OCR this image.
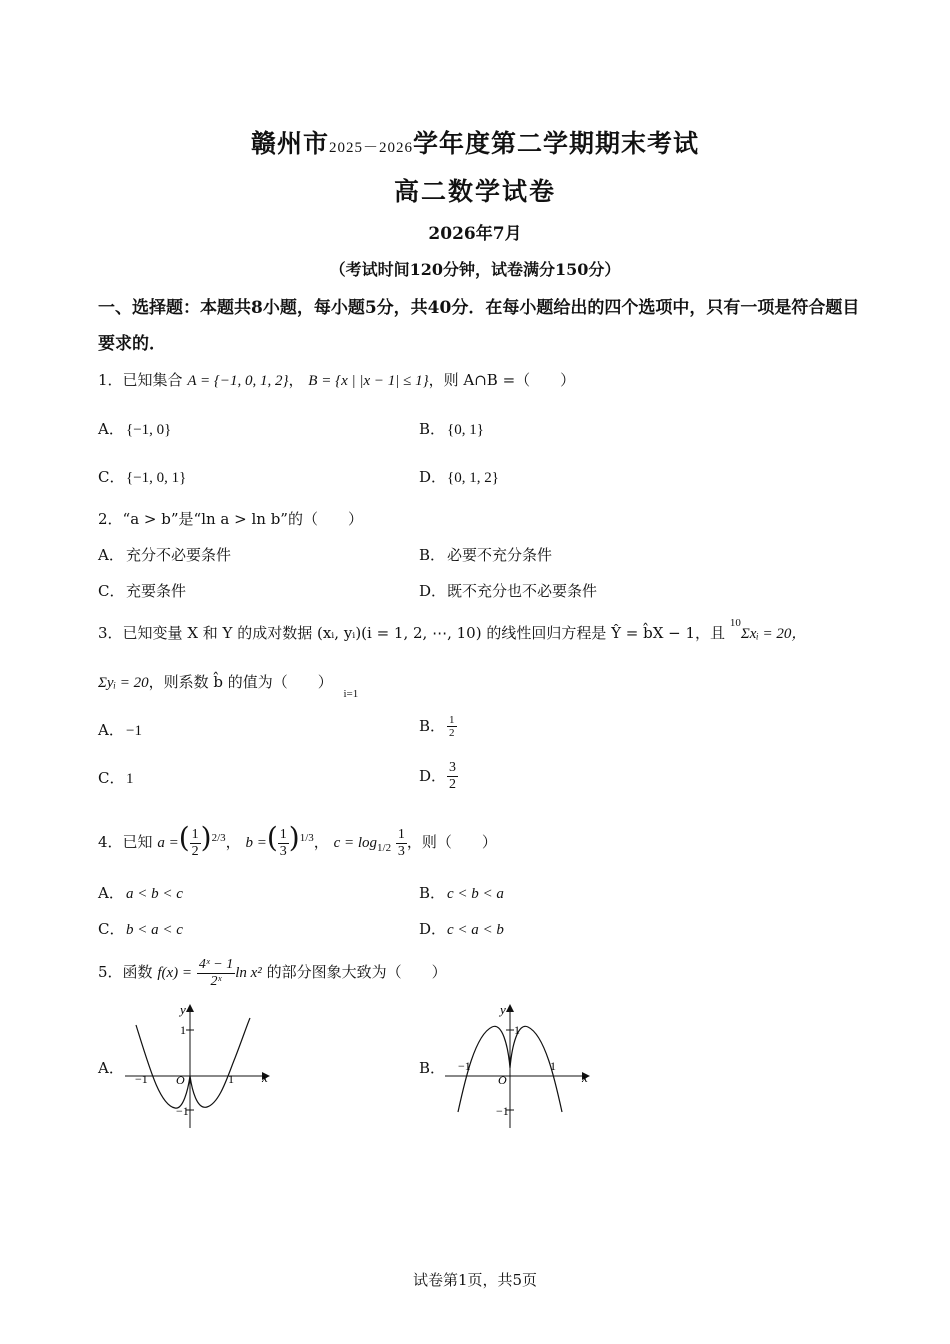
赣州市2025－2026学年度第二学期期末考试
高二数学试卷
2026年7月
（考试时间120分钟，试卷满分150分）
一、选择题：本题共8小题，每小题5分，共40分．在每小题给出的四个选项中，只有一项是符合题目要求的．
1．已知集合 A = {−1, 0, 1, 2}， B = {x | |x − 1| ≤ 1}，则 A∩B =（　　）
A． {−1, 0}	B． {0, 1}
C． {−1, 0, 1}	D．{0, 1, 2}
2．“a > b”是“ln a > ln b”的（　　）
A． 充分不必要条件	B． 必要不充分条件
C． 充要条件	D．既不充分也不必要条件
3．已知变量 X 和 Y 的成对数据 (xᵢ, yᵢ)(i = 1, 2, ⋯, 10) 的线性回归方程是 Ŷ = b̂X − 1，且 $^{10}$Σxᵢ = 20，
Σyᵢ = 20，则系数 b̂ 的值为（　　） $_{i=1}$
A． −1	B． $\frac{1}{2}$
C． 1	D． $\frac{3}{2}$
4．已知 a =( $\frac{1}{2} )^{2/3}$， b =( $\frac{1}{3} )^{1/3}$， $c = \log_{1/2} \frac{1}{3}$ ，则（　　）
A． a < b < c	B． c < b < a
C． b < a < c	D．c < a < b
5．函数 $f(x) = \frac{\text{4ˣ − 1}}{\text{2ˣ}}$ ln x² 的部分图象大致为（　　）
A．	B．
x
y
O
1
−1
−1	1	x
y
O
1
−1
−1	1
试卷第1页，共5页
